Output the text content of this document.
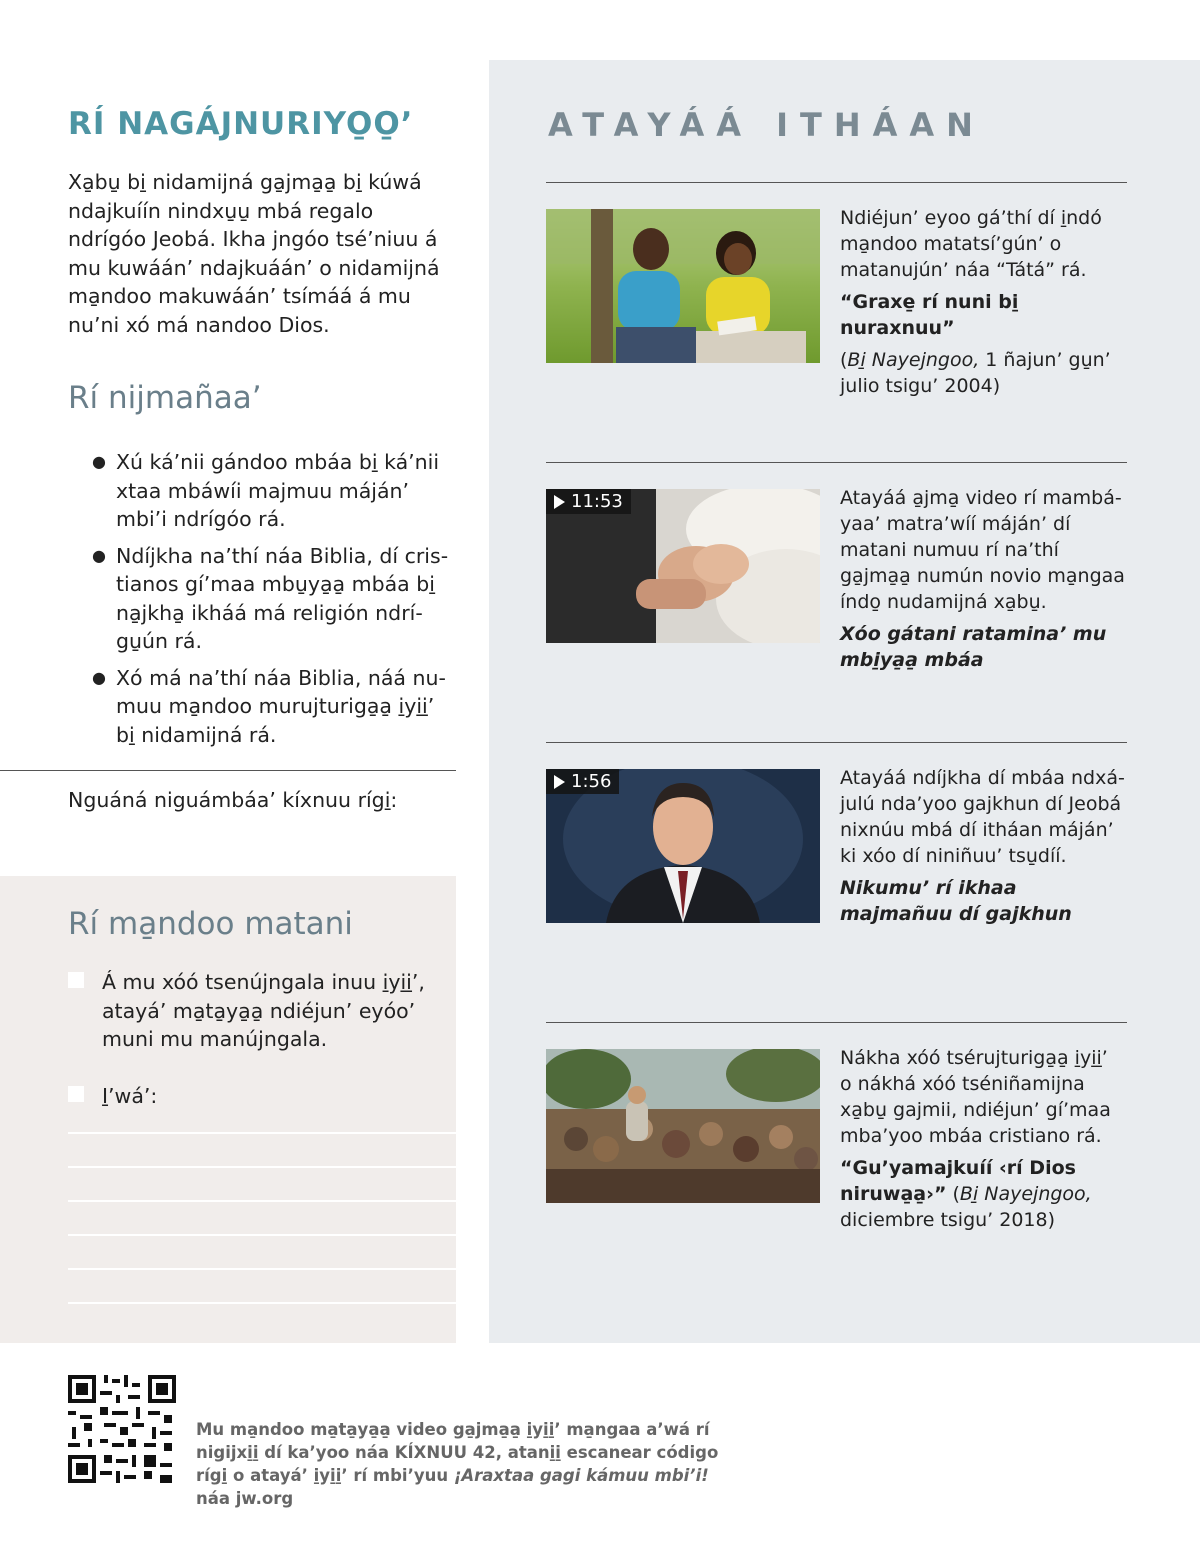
RÍ NAGÁJNURIYO̱O̱’

Xa̱bu̱ bi̱ nidamijná ga̱jma̱a̱ bi̱ kúwá ndajkuíín nindxu̱u̱ mbá regalo ndrígóo Jeobá. Ikha jngóo tsé’niuu á mu kuwáán’ ndajkuáán’ o nidamijná ma̱ndoo makuwáán’ tsímáá á mu nu’ni xó má nandoo Dios.

Rí nijmañaa’
● Xú ká’nii gándoo mbáa bi̱ ká’nii xtaa mbáwíi majmuu máján’ mbi’i ndrígóo rá.
● Ndíjkha na’thí náa Biblia, dí cristianos gí’maa mbu̱ya̱a̱ mbáa bi̱ na̱jkha̱ ikháá má religión ndrígu̱ún rá.
● Xó má na’thí náa Biblia, náá numuu ma̱ndoo murujturiga̱a̱ i̱yi̱i̱’ bi̱ nidamijná rá.
Nguáná niguámbáa’ kíxnuu rígi̱:
Rí ma̱ndoo matani
Á mu xóó tsenújngala inuu i̱yi̱i̱’, atayá’ ma̱ta̱ya̱a̱ ndiéjun’ eyóo’ muni mu manújngala.
I̱’wá’:
ATAYÁÁ ITHÁAN

Ndiéjun’ eyoo gá’thí dí i̱ndó ma̱ndoo matatsí’gún’ o matanujún’ náa “Tátá” rá.

“Graxe̱ rí nuni bi̱ nuraxnuu”

(Bi̱ Nayejngoo, 1 ñajun’ gu̱n’ julio tsigu’ 2004)

11:53	Atayáá a̱jma̱ video rí mambáyaa’ matra’wíí máján’ dí matani numuu rí na’thí ga̱jma̱a̱ numún novio ma̱ngaa índo̱ nudamijná xa̱bu̱.

Xóo gátani ratamina’ mu mbi̱ya̱a̱ mbáa

1:56	Atayáá ndíjkha dí mbáa ndxájulú nda’yoo gajkhun dí Jeobá nixnúu mbá dí itháan máján’ ki xóo dí niniñuu’ tsu̱díí.

Nikumu’ rí ikhaa majmañuu dí gajkhun

Nákha xóó tsérujturiga̱a̱ i̱yi̱i̱’ o nákhá xóó tséniñamijna xa̱bu̱ gajmii, ndiéjun’ gí’maa mba’yoo mbáa cristiano rá.

“Gu’yamajkuíí ‹rí Dios niruwa̱a̱›” (Bi̱ Nayejngoo, diciembre tsigu’ 2018)

Mu ma̱ndoo ma̱ta̱ya̱a̱ video ga̱jma̱a̱ i̱yi̱i̱’ ma̱ngaa a’wá rí nigijxi̱i̱ dí ka’yoo náa KÍXNUU 42, atani̱i̱ escanear código rígi̱ o atayá’ i̱yi̱i̱’ rí mbi’yuu ¡Araxtaa gagi kámuu mbi’i! náa jw.org
